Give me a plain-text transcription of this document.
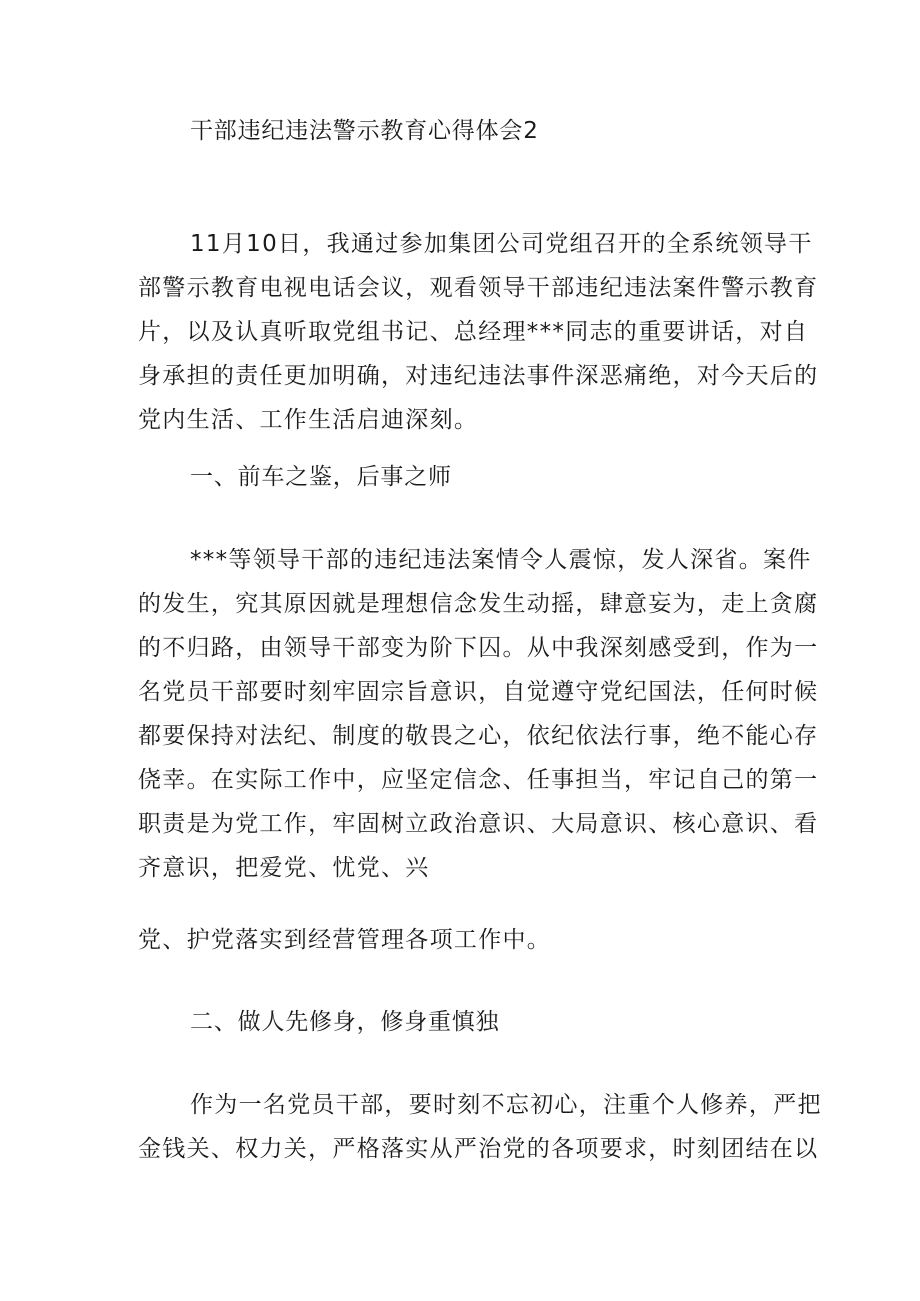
干部违纪违法警示教育心得体会2
11月10日，我通过参加集团公司党组召开的全系统领导干
部警示教育电视电话会议，观看领导干部违纪违法案件警示教育
片，以及认真听取党组书记、总经理***同志的重要讲话，对自
身承担的责任更加明确，对违纪违法事件深恶痛绝，对今天后的
党内生活、工作生活启迪深刻。
一、前车之鉴，后事之师
***等领导干部的违纪违法案情令人震惊，发人深省。案件
的发生，究其原因就是理想信念发生动摇，肆意妄为，走上贪腐
的不归路，由领导干部变为阶下囚。从中我深刻感受到，作为一
名党员干部要时刻牢固宗旨意识，自觉遵守党纪国法，任何时候
都要保持对法纪、制度的敬畏之心，依纪依法行事，绝不能心存
侥幸。在实际工作中，应坚定信念、任事担当，牢记自己的第一
职责是为党工作，牢固树立政治意识、大局意识、核心意识、看
齐意识，把爱党、忧党、兴
党、护党落实到经营管理各项工作中。
二、做人先修身，修身重慎独
作为一名党员干部，要时刻不忘初心，注重个人修养，严把
金钱关、权力关，严格落实从严治党的各项要求，时刻团结在以
